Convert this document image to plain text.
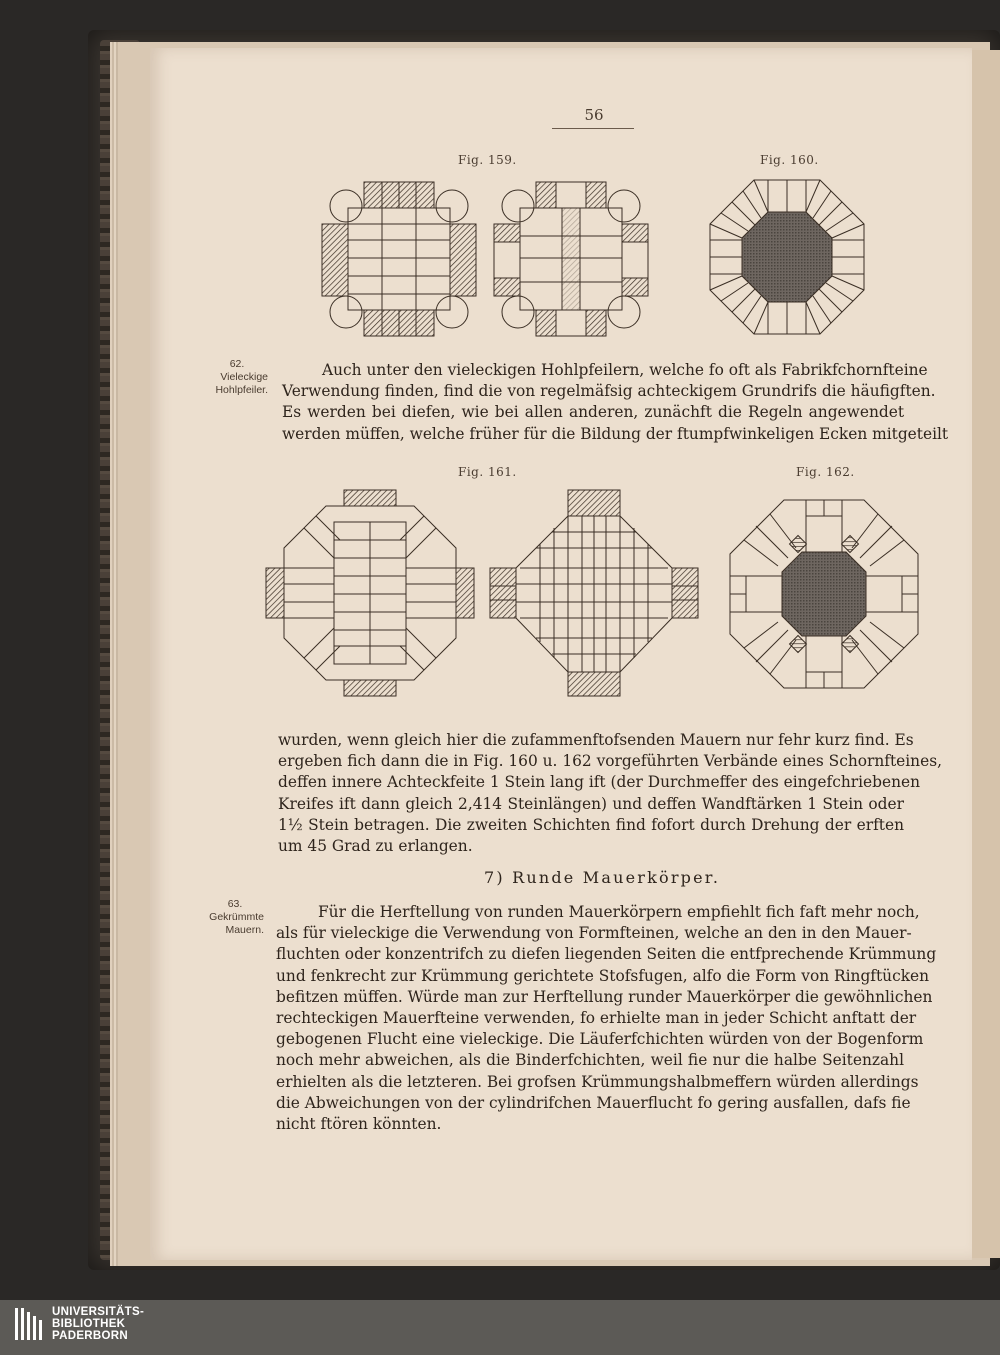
56
Fig. 159.	Fig. 160.
Fig. 161.	Fig. 162.
62.
Vieleckige
Hohlpfeiler.
63.
Gekrümmte
Mauern.
Auch unter den vieleckigen Hohlpfeilern, welche fo oft als Fabrikfchornfteine
Verwendung finden, find die von regelmäfsig achteckigem Grundrifs die häufigften.
Es werden bei diefen, wie bei allen anderen, zunächft die Regeln angewendet
werden müffen, welche früher für die Bildung der ftumpfwinkeligen Ecken mitgeteilt
wurden, wenn gleich hier die zufammenftofsenden Mauern nur fehr kurz find. Es
ergeben fich dann die in Fig. 160 u. 162 vorgeführten Verbände eines Schornfteines,
deffen innere Achteckfeite 1 Stein lang ift (der Durchmeffer des eingefchriebenen
Kreifes ift dann gleich 2,414 Steinlängen) und deffen Wandftärken 1 Stein oder
1½ Stein betragen. Die zweiten Schichten find fofort durch Drehung der erften
um 45 Grad zu erlangen.
7) Runde Mauerkörper.
Für die Herftellung von runden Mauerkörpern empfiehlt fich faft mehr noch,
als für vieleckige die Verwendung von Formfteinen, welche an den in den Mauer-
fluchten oder konzentrifch zu diefen liegenden Seiten die entfprechende Krümmung
und fenkrecht zur Krümmung gerichtete Stofsfugen, alfo die Form von Ringftücken
befitzen müffen. Würde man zur Herftellung runder Mauerkörper die gewöhnlichen
rechteckigen Mauerfteine verwenden, fo erhielte man in jeder Schicht anftatt der
gebogenen Flucht eine vieleckige. Die Läuferfchichten würden von der Bogenform
noch mehr abweichen, als die Binderfchichten, weil fie nur die halbe Seitenzahl
erhielten als die letzteren. Bei grofsen Krümmungshalbmeffern würden allerdings
die Abweichungen von der cylindrifchen Mauerflucht fo gering ausfallen, dafs fie
nicht ftören könnten.
UNIVERSITÄTS-
BIBLIOTHEK
PADERBORN
